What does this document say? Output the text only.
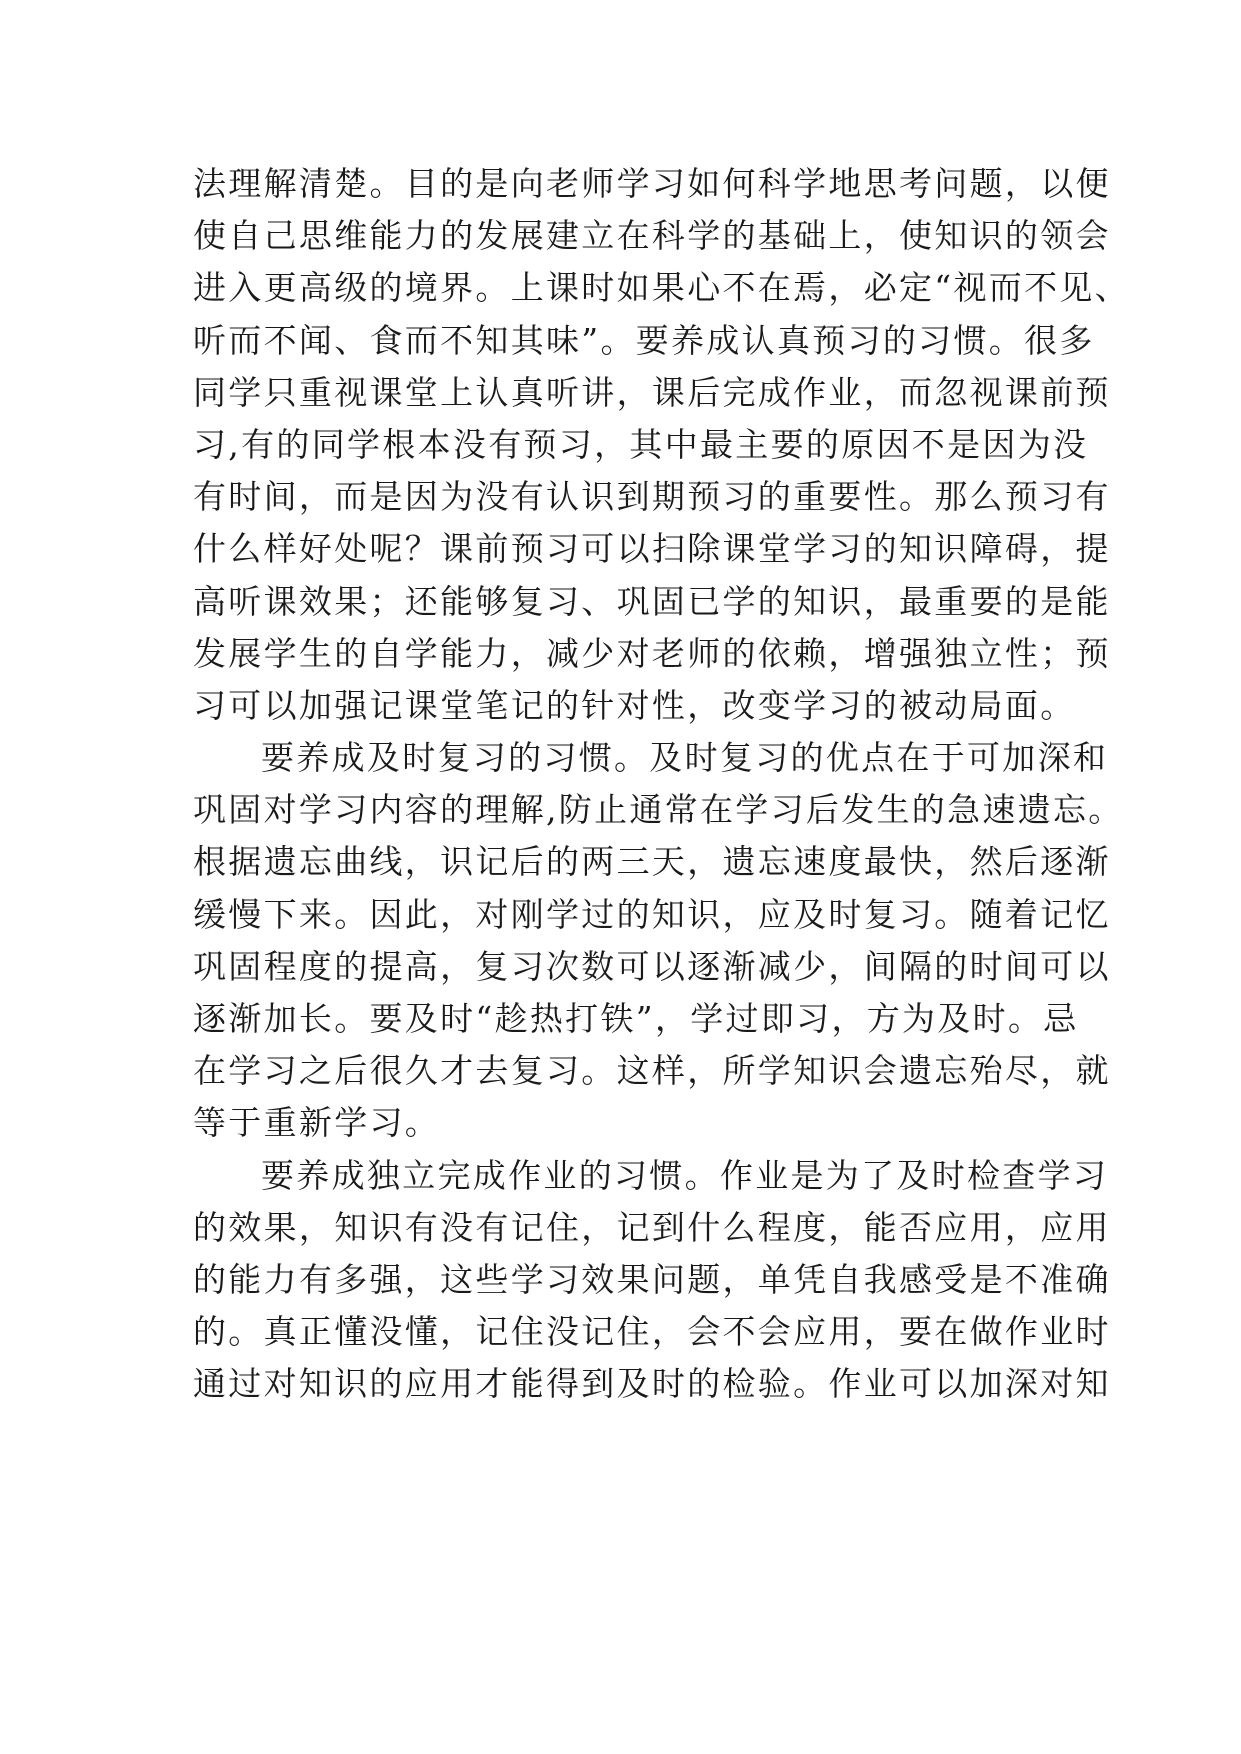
法理解清楚。目的是向老师学习如何科学地思考问题，以便
使自己思维能力的发展建立在科学的基础上，使知识的领会
进入更高级的境界。上课时如果心不在焉，必定“视而不见、
听而不闻、食而不知其味”。要养成认真预习的习惯。很多
同学只重视课堂上认真听讲，课后完成作业，而忽视课前预
习,有的同学根本没有预习，其中最主要的原因不是因为没
有时间，而是因为没有认识到期预习的重要性。那么预习有
什么样好处呢？课前预习可以扫除课堂学习的知识障碍，提
高听课效果；还能够复习、巩固已学的知识，最重要的是能
发展学生的自学能力，减少对老师的依赖，增强独立性；预
习可以加强记课堂笔记的针对性，改变学习的被动局面。
要养成及时复习的习惯。及时复习的优点在于可加深和
巩固对学习内容的理解,防止通常在学习后发生的急速遗忘。
根据遗忘曲线，识记后的两三天，遗忘速度最快，然后逐渐
缓慢下来。因此，对刚学过的知识，应及时复习。随着记忆
巩固程度的提高，复习次数可以逐渐减少，间隔的时间可以
逐渐加长。要及时“趁热打铁”，学过即习，方为及时。忌
在学习之后很久才去复习。这样，所学知识会遗忘殆尽，就
等于重新学习。
要养成独立完成作业的习惯。作业是为了及时检查学习
的效果，知识有没有记住，记到什么程度，能否应用，应用
的能力有多强，这些学习效果问题，单凭自我感受是不准确
的。真正懂没懂，记住没记住，会不会应用，要在做作业时
通过对知识的应用才能得到及时的检验。作业可以加深对知
